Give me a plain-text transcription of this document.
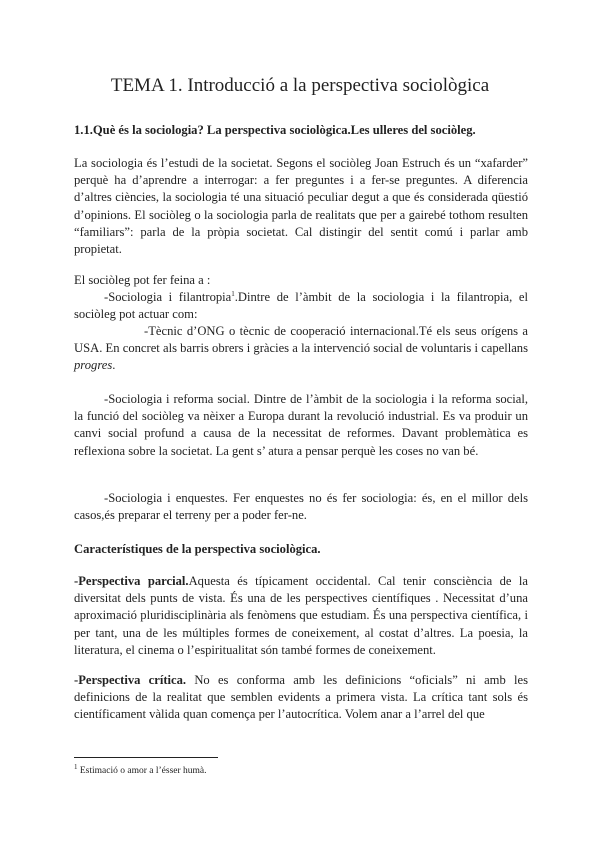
TEMA 1. Introducció a la perspectiva sociològica
1.1.Què és la sociologia? La perspectiva sociològica.Les ulleres del sociòleg.
La sociologia és l’estudi de la societat. Segons el sociòleg Joan Estruch és un “xafarder” perquè ha d’aprendre a interrogar: a fer preguntes i a fer-se preguntes. A diferencia d’altres ciències, la sociologia té una situació peculiar degut a que és considerada qüestió d’opinions. El sociòleg o la sociologia parla de realitats que per a gairebé tothom resulten “familiars”: parla de la pròpia societat. Cal distingir del sentit comú i parlar amb propietat.
El sociòleg pot fer feina a :
-Sociologia i filantropia$^1$.Dintre de l’àmbit de la sociologia i la filantropia, el sociòleg pot actuar com:
-Tècnic d’ONG o tècnic de cooperació internacional.Té els seus orígens a USA. En concret als barris obrers i gràcies a la intervenció social de voluntaris i capellans progres.
-Sociologia i reforma social. Dintre de l’àmbit de la sociologia i la reforma social, la funció del sociòleg va nèixer a Europa durant la revolució industrial. Es va produir un canvi social profund a causa de la necessitat de reformes. Davant problemàtica es reflexiona sobre la societat. La gent s’ atura a pensar perquè les coses no van bé.
-Sociologia i enquestes. Fer enquestes no és fer sociologia: és, en el millor dels casos,és preparar el terreny per a poder fer-ne.
Característiques de la perspectiva sociològica.
-Perspectiva parcial.Aquesta és típicament occidental. Cal tenir consciència de la diversitat dels punts de vista. És una de les perspectives científiques . Necessitat d’una aproximació pluridisciplinària als fenòmens que estudiam. És una perspectiva científica, i per tant, una de les múltiples formes de coneixement, al costat d’altres. La poesia, la literatura, el cinema o l’espiritualitat són també formes de coneixement.
-Perspectiva crítica. No es conforma amb les definicions “oficials” ni amb les definicions de la realitat que semblen evidents a primera vista. La crítica tant sols és científicament vàlida quan comença per l’autocrítica. Volem anar a l’arrel del que
$^1$ Estimació o amor a l’ésser humà.
